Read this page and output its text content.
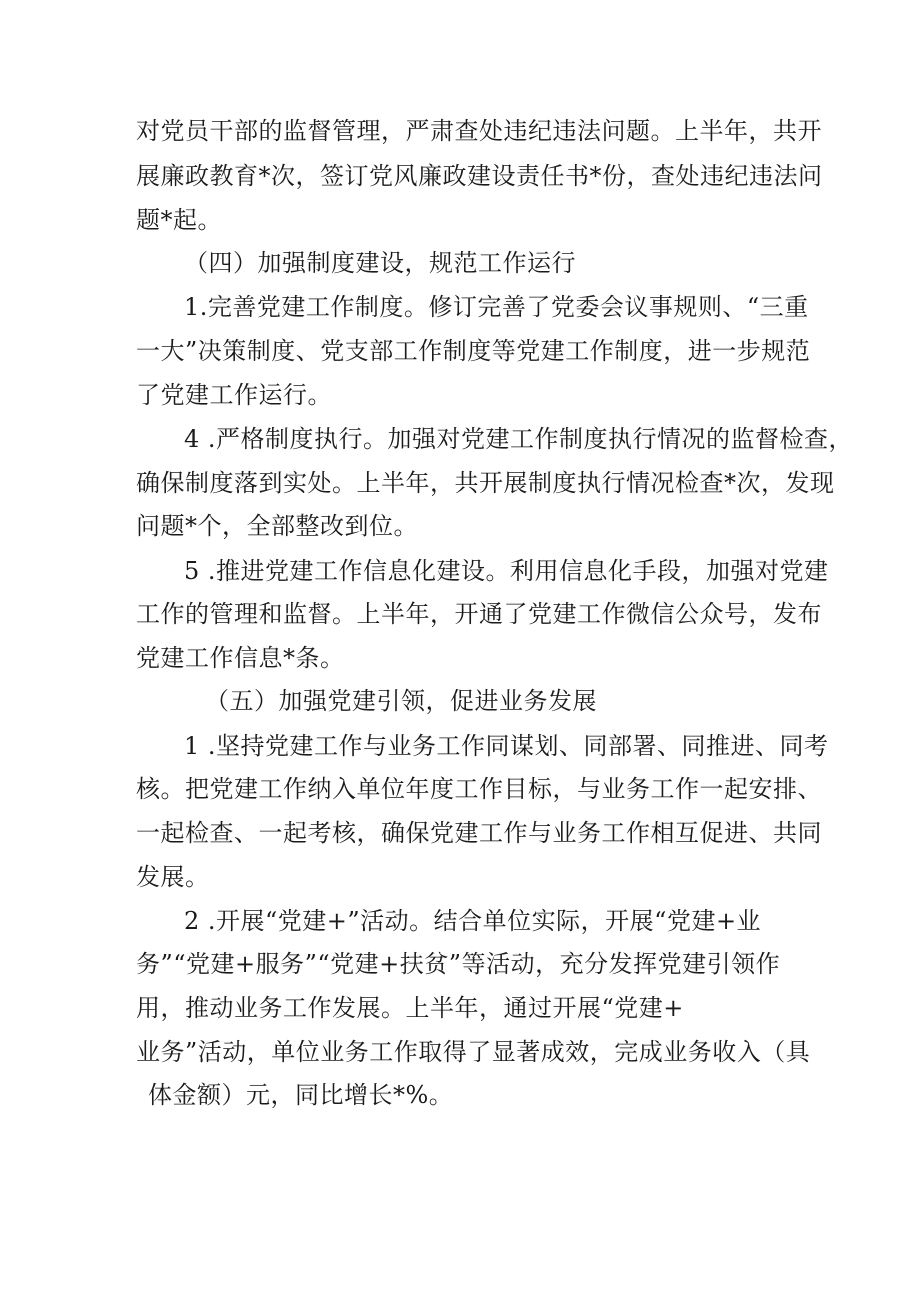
对党员干部的监督管理，严肃查处违纪违法问题。上半年，共开
展廉政教育*次，签订党风廉政建设责任书*份，查处违纪违法问
题*起。
（四）加强制度建设，规范工作运行
1.完善党建工作制度。修订完善了党委会议事规则、“三重
一大”决策制度、党支部工作制度等党建工作制度，进一步规范
了党建工作运行。
4 .严格制度执行。加强对党建工作制度执行情况的监督检查，
确保制度落到实处。上半年，共开展制度执行情况检查*次，发现
问题*个，全部整改到位。
5 .推进党建工作信息化建设。利用信息化手段，加强对党建
工作的管理和监督。上半年，开通了党建工作微信公众号，发布
党建工作信息*条。
（五）加强党建引领，促进业务发展
1 .坚持党建工作与业务工作同谋划、同部署、同推进、同考
核。把党建工作纳入单位年度工作目标，与业务工作一起安排、
一起检查、一起考核，确保党建工作与业务工作相互促进、共同
发展。
2 .开展“党建+”活动。结合单位实际，开展“党建+业
务”“党建+服务”“党建+扶贫”等活动，充分发挥党建引领作
用，推动业务工作发展。上半年，通过开展“党建+
业务”活动，单位业务工作取得了显著成效，完成业务收入（具
体金额）元，同比增长*%。
